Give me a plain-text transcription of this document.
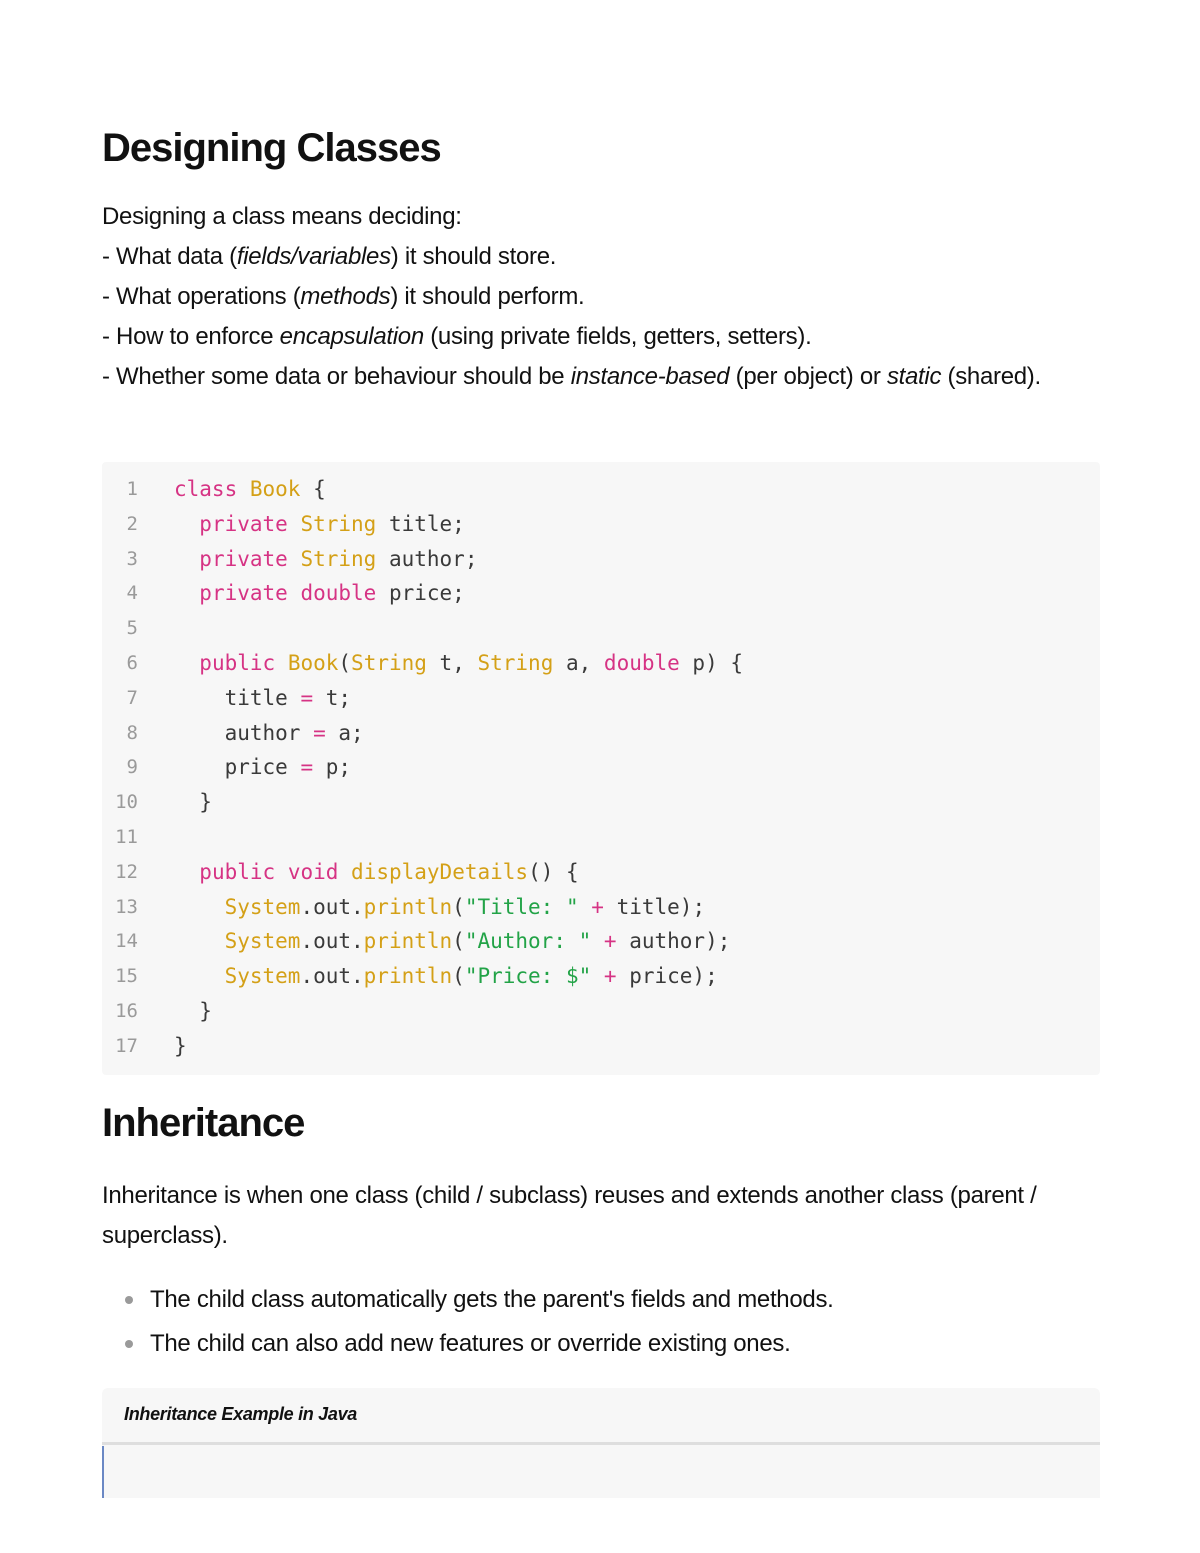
Designing Classes

Designing a class means deciding:

- What data (fields/variables) it should store.

- What operations (methods) it should perform.

- How to enforce encapsulation (using private fields, getters, setters).

- Whether some data or behaviour should be instance-based (per object) or static (shared).

1 class Book {
2	private String title;
3	private String author;
4	private double price;
5
6	public Book(String t, String a, double p) {
7 title = t;
8 author = a;
9 price = p;
10 }
11
12	public void displayDetails() {
13	System.out.println("Title: " + title);
14	System.out.println("Author: " + author);
15	System.out.println("Price: $" + price);
16 }
17 }
Inheritance

Inheritance is when one class (child / subclass) reuses and extends another class (parent / superclass).

The child class automatically gets the parent's fields and methods.
The child can also add new features or override existing ones.
Inheritance Example in Java
